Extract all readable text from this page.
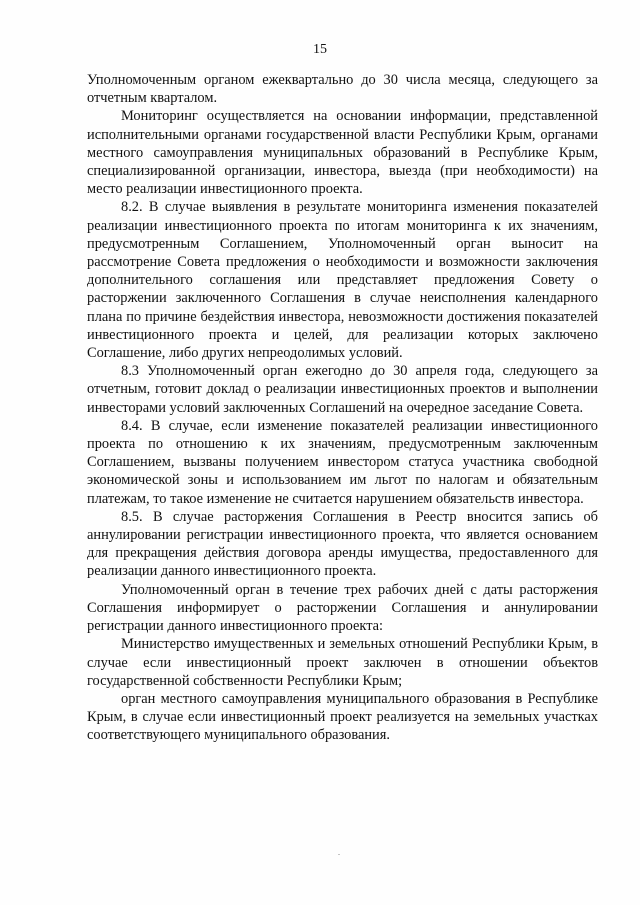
15

Уполномоченным органом ежеквартально до 30 числа месяца, следующего за отчетным кварталом.

Мониторинг осуществляется на основании информации, представленной исполнительными органами государственной власти Республики Крым, органами местного самоуправления муниципальных образований в Республике Крым, специализированной организации, инвестора, выезда (при необходимости) на место реализации инвестиционного проекта.

8.2. В случае выявления в результате мониторинга изменения показателей реализации инвестиционного проекта по итогам мониторинга к их значениям, предусмотренным Соглашением, Уполномоченный орган выносит на рассмотрение Совета предложения о необходимости и возможности заключения дополнительного соглашения или представляет предложения Совету о расторжении заключенного Соглашения в случае неисполнения календарного плана по причине бездействия инвестора, невозможности достижения показателей инвестиционного проекта и целей, для реализации которых заключено Соглашение, либо других непреодолимых условий.

8.3 Уполномоченный орган ежегодно до 30 апреля года, следующего за отчетным, готовит доклад о реализации инвестиционных проектов и выполнении инвесторами условий заключенных Соглашений на очередное заседание Совета.

8.4. В случае, если изменение показателей реализации инвестиционного проекта по отношению к их значениям, предусмотренным заключенным Соглашением, вызваны получением инвестором статуса участника свободной экономической зоны и использованием им льгот по налогам и обязательным платежам, то такое изменение не считается нарушением обязательств инвестора.

8.5. В случае расторжения Соглашения в Реестр вносится запись об аннулировании регистрации инвестиционного проекта, что является основанием для прекращения действия договора аренды имущества, предоставленного для реализации данного инвестиционного проекта.

Уполномоченный орган в течение трех рабочих дней с даты расторжения Соглашения информирует о расторжении Соглашения и аннулировании регистрации данного инвестиционного проекта:

Министерство имущественных и земельных отношений Республики Крым, в случае если инвестиционный проект заключен в отношении объектов государственной собственности Республики Крым;

орган местного самоуправления муниципального образования в Республике Крым, в случае если инвестиционный проект реализуется на земельных участках соответствующего муниципального образования.

.
